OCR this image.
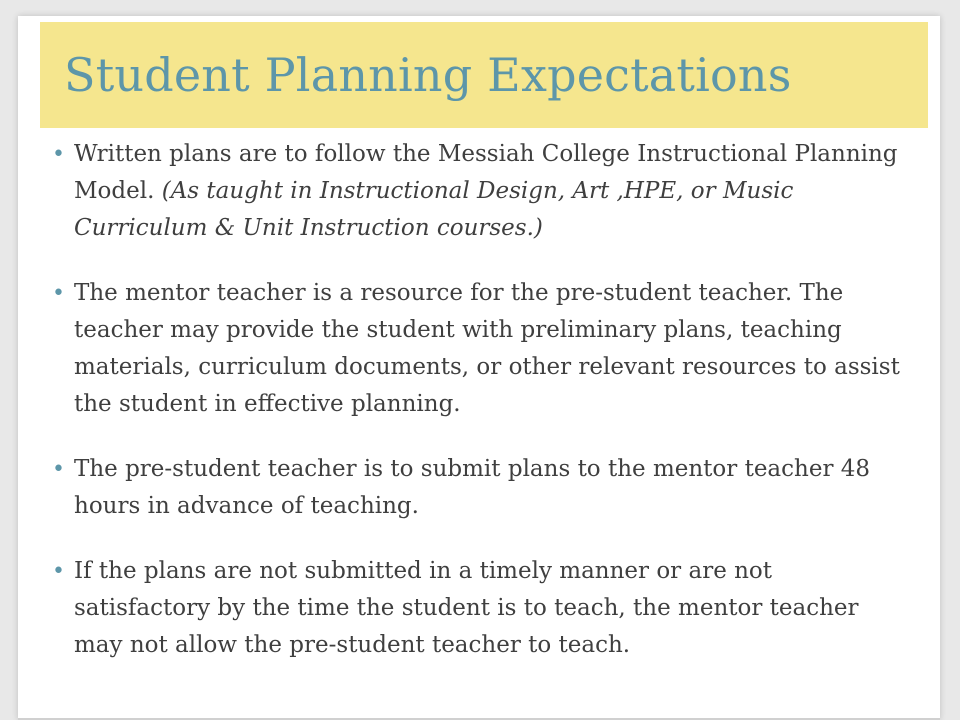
Student Planning Expectations
• Written plans are to follow the Messiah College Instructional Planning Model. (As taught in Instructional Design, Art ,HPE, or Music Curriculum & Unit Instruction courses.)
• The mentor teacher is a resource for the pre-student teacher. The teacher may provide the student with preliminary plans, teaching materials, curriculum documents, or other relevant resources to assist the student in effective planning.
• The pre-student teacher is to submit plans to the mentor teacher 48 hours in advance of teaching.
• If the plans are not submitted in a timely manner or are not satisfactory by the time the student is to teach, the mentor teacher may not allow the pre-student teacher to teach.
